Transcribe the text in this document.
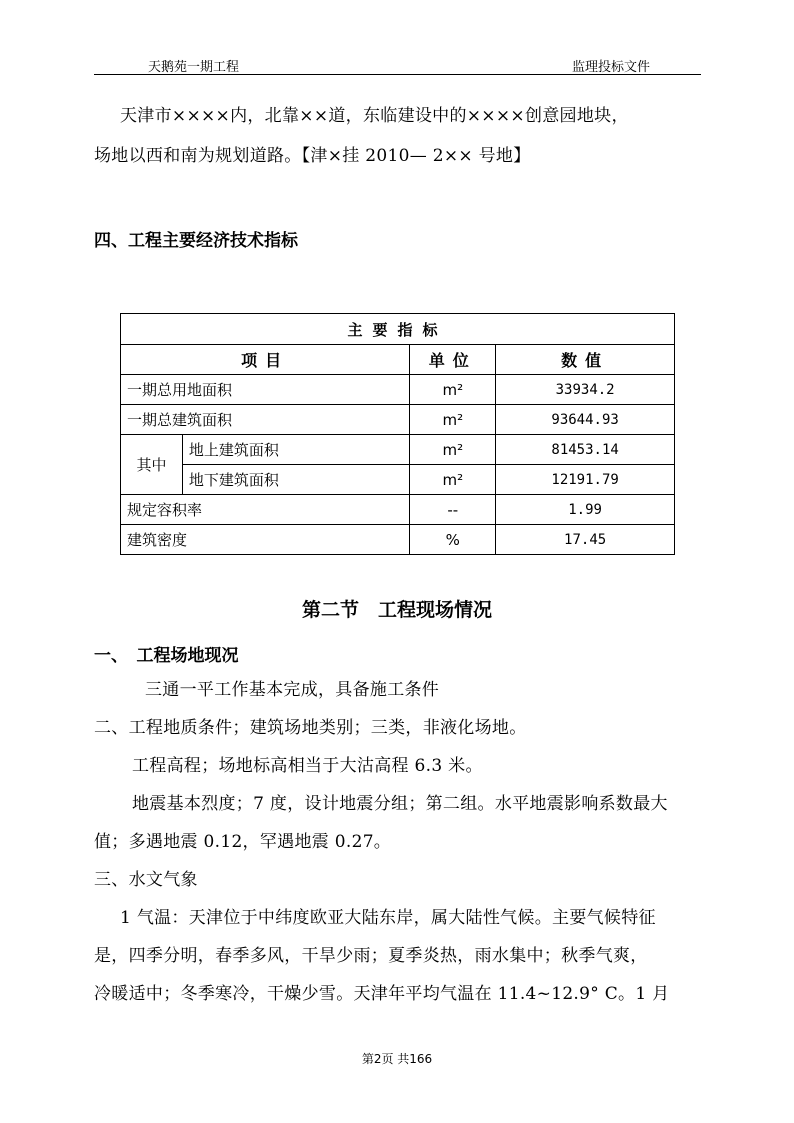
天鹅苑一期工程	监理投标文件
天津市××××内，北靠××道，东临建设中的××××创意园地块，
场地以西和南为规划道路。【津×挂 2010— 2×× 号地】
四、工程主要经济技术指标
主要指标			
项目		单位	数值
一期总用地面积		m²	33934.2
一期总建筑面积		m²	93644.93
其中	地上建筑面积	m²	81453.14
	地下建筑面积	m²	12191.79
规定容积率		--	1.99
建筑密度		%	17.45
第二节　工程现场情况
一、　工程场地现况
三通一平工作基本完成，具备施工条件
二、工程地质条件；建筑场地类别；三类，非液化场地。
工程高程；场地标高相当于大沽高程 6.3 米。
地震基本烈度；7 度，设计地震分组；第二组。水平地震影响系数最大
值；多遇地震 0.12，罕遇地震 0.27。
三、水文气象
1 气温：天津位于中纬度欧亚大陆东岸，属大陆性气候。主要气候特征
是，四季分明，春季多风，干旱少雨；夏季炎热，雨水集中；秋季气爽，
冷暖适中；冬季寒冷，干燥少雪。天津年平均气温在 11.4~12.9° C。1 月
第2页 共166
